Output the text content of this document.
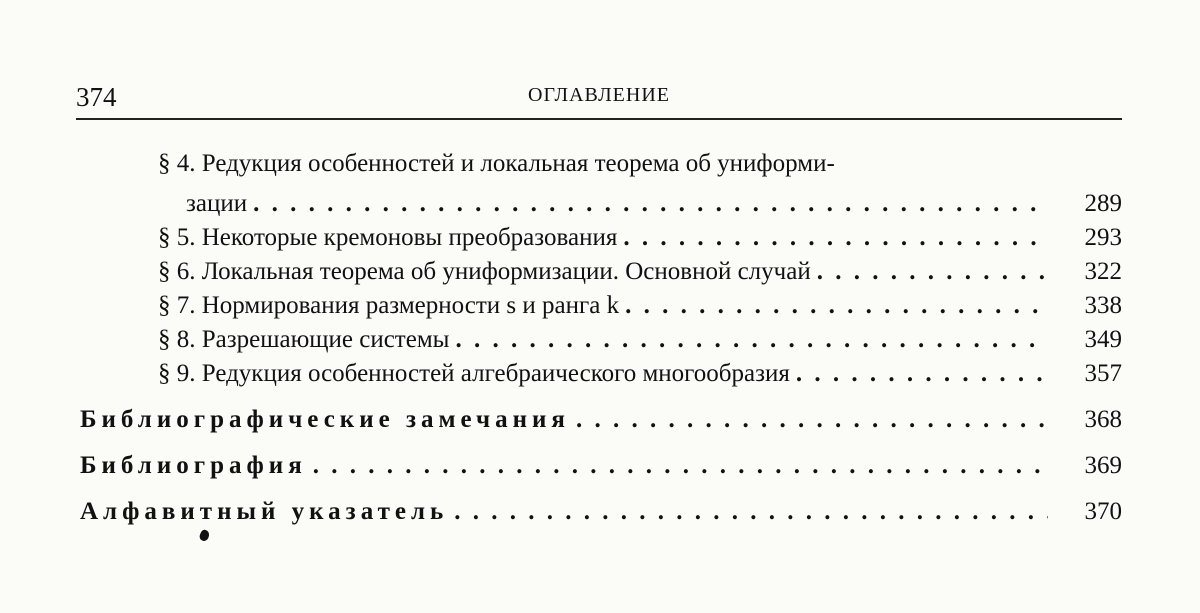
374	ОГЛАВЛЕНИЕ
§ 4. Редукция особенностей и локальная теорема об униформи-
зации . . .	289
§ 5. Некоторые кремоновы преобразования . . .	293
§ 6. Локальная теорема об униформизации. Основной случай . . .	322
§ 7. Нормирования размерности s и ранга k . . .	338
§ 8. Разрешающие системы . . .	349
§ 9. Редукция особенностей алгебраического многообразия . . .	357
Библиографические замечания . . .	368
Библиография . . .	369
Алфавитный указатель . . .	370
